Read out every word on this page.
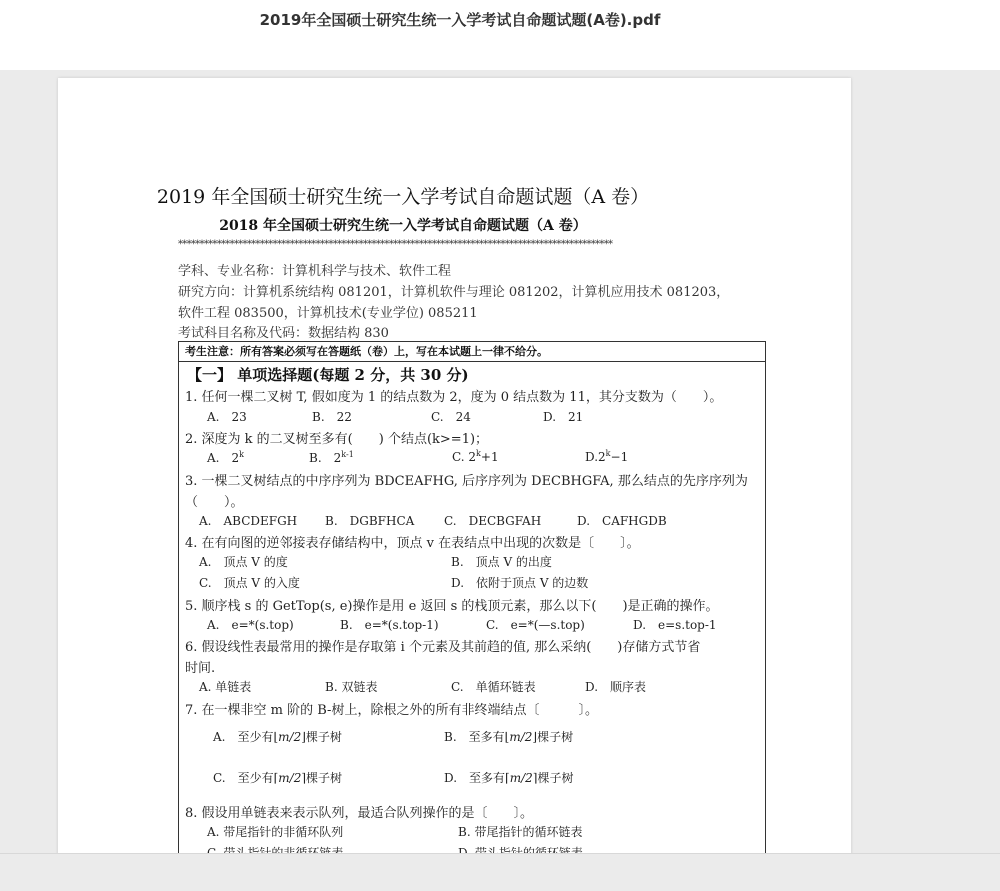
2019年全国硕士研究生统一入学考试自命题试题(A卷).pdf
2019 年全国硕士研究生统一入学考试自命题试题（A 卷）
2018 年全国硕士研究生统一入学考试自命题试题（A 卷）
*****************************************************************************************************
学科、专业名称：计算机科学与技术、软件工程
研究方向：计算机系统结构 081201，计算机软件与理论 081202，计算机应用技术 081203，
软件工程 083500，计算机技术(专业学位) 085211
考试科目名称及代码：数据结构 830
考生注意：所有答案必须写在答题纸（卷）上，写在本试题上一律不给分。
【一】 单项选择题(每题 2 分，共 30 分)
1. 任何一棵二叉树 T, 假如度为 1 的结点数为 2，度为 0 结点数为 11，其分支数为（　　）。
A.　23	B.　22	C.　24	D.　21
2. 深度为 k 的二叉树至多有(　　) 个结点(k>=1)；
A.　2$^k$	B.　2$^{k-1}$	C. $2^k+1$	$D.2^k-1$
3. 一棵二叉树结点的中序序列为 BDCEAFHG, 后序序列为 DECBHGFA, 那么结点的先序序列为
（　　）。
A.　ABCDEFGH B.　DGBFHCA C.　DECBGFAH	D.　CAFHGDB
4. 在有向图的逆邻接表存储结构中，顶点 v 在表结点中出现的次数是〔　　〕。
A.　顶点 V 的度	B.　顶点 V 的出度
C.　顶点 V 的入度	D.　依附于顶点 V 的边数
5. 顺序栈 s 的 GetTop(s, e)操作是用 e 返回 s 的栈顶元素，那么以下(　　)是正确的操作。
A.　e=*(s.top)	B.　e=*(s.top-1)	C.　e=*(—s.top)	D.　e=s.top-1
6. 假设线性表最常用的操作是存取第 i 个元素及其前趋的值, 那么采纳(　　)存储方式节省
时间.
A. 单链表	B. 双链表	C.　单循环链表	D.　顺序表
7. 在一棵非空 m 阶的 B-树上，除根之外的所有非终端结点〔　　　〕。
A.　至少有⌊m/2⌋棵子树	B.　至多有⌊m/2⌋棵子树
C.　至少有⌈m/2⌉棵子树	D.　至多有⌈m/2⌉棵子树
8. 假设用单链表来表示队列，最适合队列操作的是〔　　〕。
A. 带尾指针的非循环队列	B. 带尾指针的循环链表
